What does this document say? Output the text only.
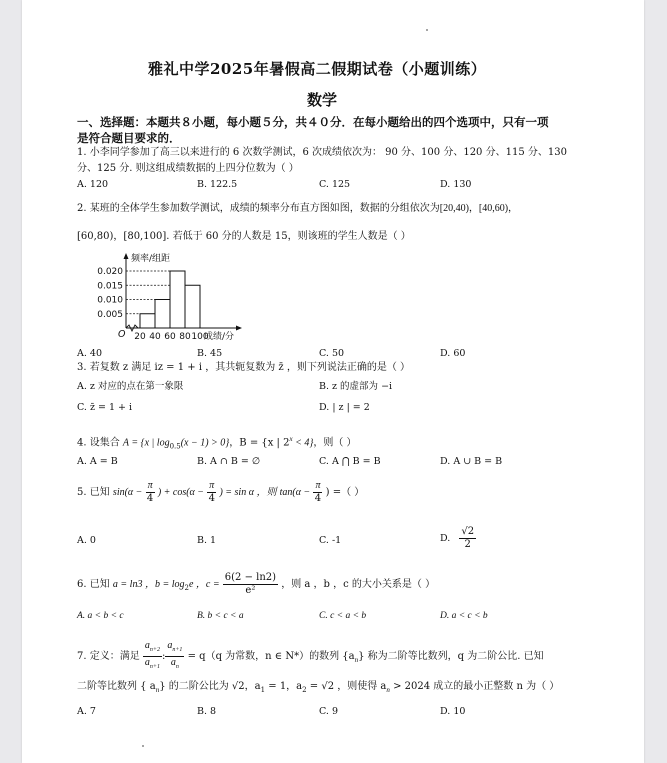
雅礼中学2025年暑假高二假期试卷（小题训练）
数学
一、选择题：本题共８小题，每小题５分，共４０分．在每小题给出的四个选项中，只有一项
是符合题目要求的．
1. 小李同学参加了高三以来进行的 6 次数学测试，6 次成绩依次为： 90 分、100 分、120 分、115 分、130
分、125 分. 则这组成绩数据的上四分位数为（ ）
A. 120	B. 122.5	C. 125	D. 130
2. 某班的全体学生参加数学测试，成绩的频率分布直方图如图，数据的分组依次为[20,40)，[40,60)，
[60,80)，[80,100]. 若低于 60 分的人数是 15，则该班的学生人数是（ ）
0.005
0.010
0.015
0.020
20 40 60 80 100
频率/组距
成绩/分
O
A. 40	B. 45	C. 50	D. 60
3. 若复数 z 满足 iz = 1 + i ，其共轭复数为 z̄ ，则下列说法正确的是（ ）
A. z 对应的点在第一象限	B. z 的虚部为 −i
C. z̄ = 1 + i	D. | z | = 2
4. 设集合 A = {x | $\log_{0.5}(x - 1) > 0$}，B = {x | $2^x < 4$}，则（ ）
A. A = B	B. A ∩ B = ∅	C. A ⋂ B = B	D. A ∪ B = B
5. 已知 $\sin(\alpha - \frac{\pi}{4}$ ) + $\cos(\alpha - \frac{\pi}{4}$ ) = sin α ，则 $\tan(\alpha - \frac{\pi}{4}$ ) =（ ）
A. 0	B. 1	C. -1	D. $\frac{√2}{2}$
6. 已知 a = ln3 ，$b = \log_2e$ ，$c = \frac{6(2 - \ln 2)}{\text{e²}}$ ，则 a ，b ，c 的大小关系是（ ）
A. a < b < c	B. b < c < a	C. c < a < b	D. a < c < b
7. 定义：满足 $\frac{a_{n+2}}{a_{n+1}}$ : $\frac{a_{n+1}}{a_n} = q(q$ 为常数，n ∈ N*）的数列 $\{a_n\}$ 称为二阶等比数列，q 为二阶公比. 已知
二阶等比数列 { $a_n$} 的二阶公比为 √2，$a_1 = 1$，$a_2 = √2$ ，则使得 $a_n > 2024$ 成立的最小正整数 n 为（ ）
A. 7	B. 8	C. 9	D. 10
